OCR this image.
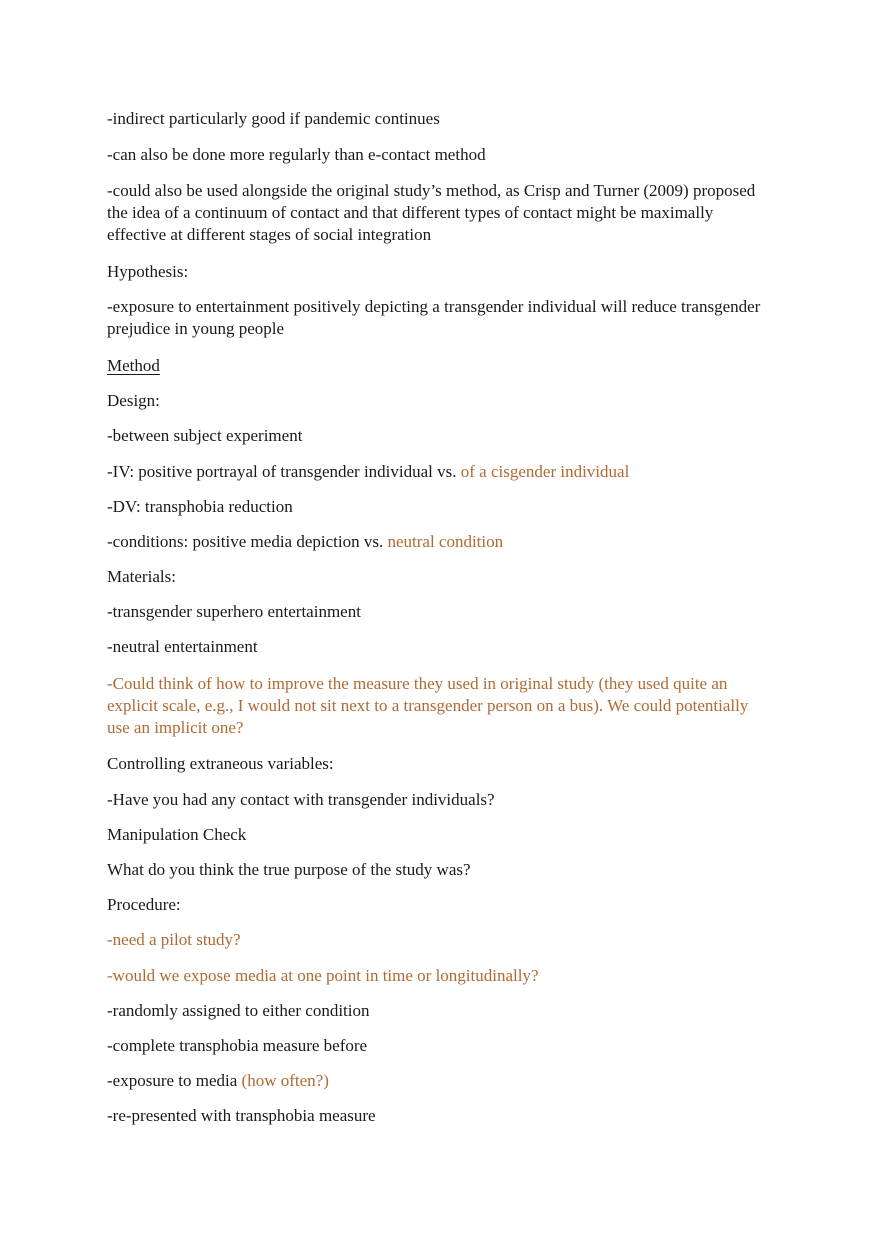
-indirect particularly good if pandemic continues
-can also be done more regularly than e-contact method
-could also be used alongside the original study’s method, as Crisp and Turner (2009) proposed the idea of a continuum of contact and that different types of contact might be maximally effective at different stages of social integration
Hypothesis:
-exposure to entertainment positively depicting a transgender individual will reduce transgender prejudice in young people
Method
Design:
-between subject experiment
-IV: positive portrayal of transgender individual vs. of a cisgender individual
-DV: transphobia reduction
-conditions: positive media depiction vs. neutral condition
Materials:
-transgender superhero entertainment
-neutral entertainment
-Could think of how to improve the measure they used in original study (they used quite an explicit scale, e.g., I would not sit next to a transgender person on a bus). We could potentially use an implicit one?
Controlling extraneous variables:
-Have you had any contact with transgender individuals?
Manipulation Check
What do you think the true purpose of the study was?
Procedure:
-need a pilot study?
-would we expose media at one point in time or longitudinally?
-randomly assigned to either condition
-complete transphobia measure before
-exposure to media (how often?)
-re-presented with transphobia measure
